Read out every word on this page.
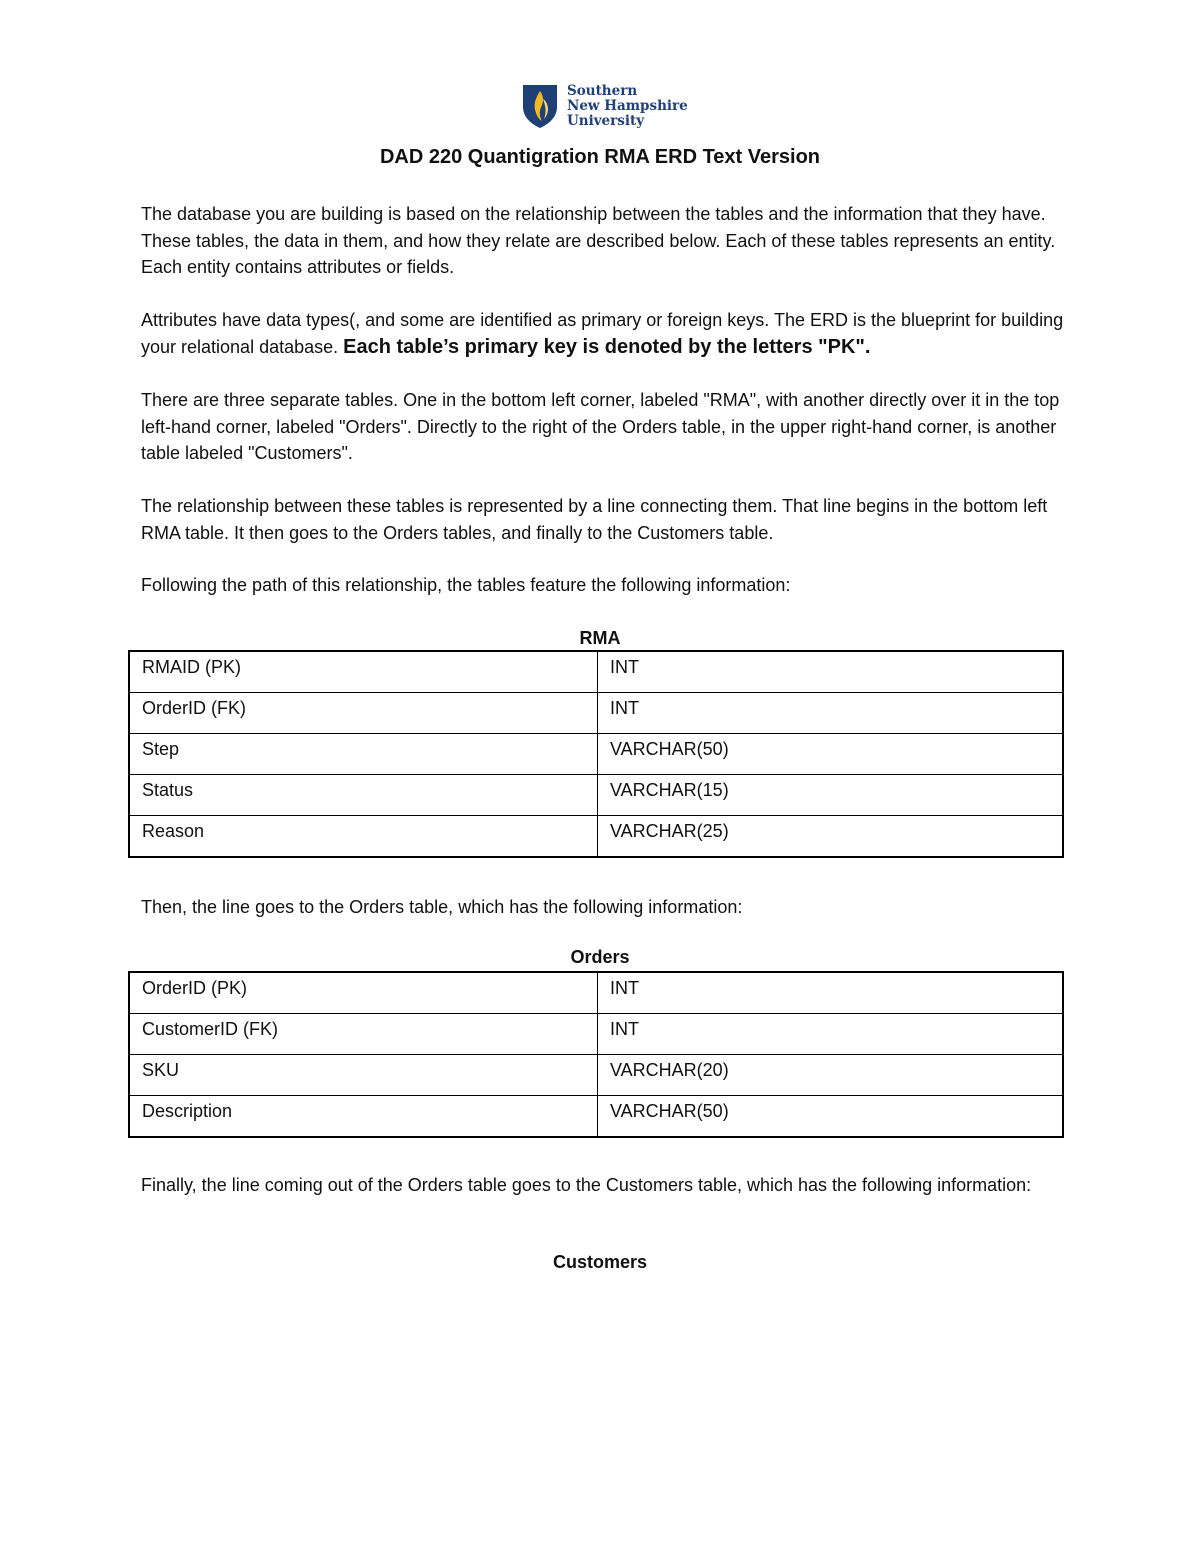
Southern
New Hampshire
University
DAD 220 Quantigration RMA ERD Text Version

The database you are building is based on the relationship between the tables and the information that they have. These tables, the data in them, and how they relate are described below. Each of these tables represents an entity. Each entity contains attributes or fields.

Attributes have data types(, and some are identified as primary or foreign keys. The ERD is the blueprint for building your relational database. Each table’s primary key is denoted by the letters "PK".

There are three separate tables. One in the bottom left corner, labeled "RMA", with another directly over it in the top left-hand corner, labeled "Orders". Directly to the right of the Orders table, in the upper right-hand corner, is another table labeled "Customers".

The relationship between these tables is represented by a line connecting them. That line begins in the bottom left RMA table. It then goes to the Orders tables, and finally to the Customers table.

Following the path of this relationship, the tables feature the following information:

RMA
RMAID (PK)	INT
OrderID (FK)	INT
Step	VARCHAR(50)
Status	VARCHAR(15)
Reason	VARCHAR(25)

Then, the line goes to the Orders table, which has the following information:

Orders
OrderID (PK)	INT
CustomerID (FK)	INT
SKU	VARCHAR(20)
Description	VARCHAR(50)

Finally, the line coming out of the Orders table goes to the Customers table, which has the following information:

Customers
